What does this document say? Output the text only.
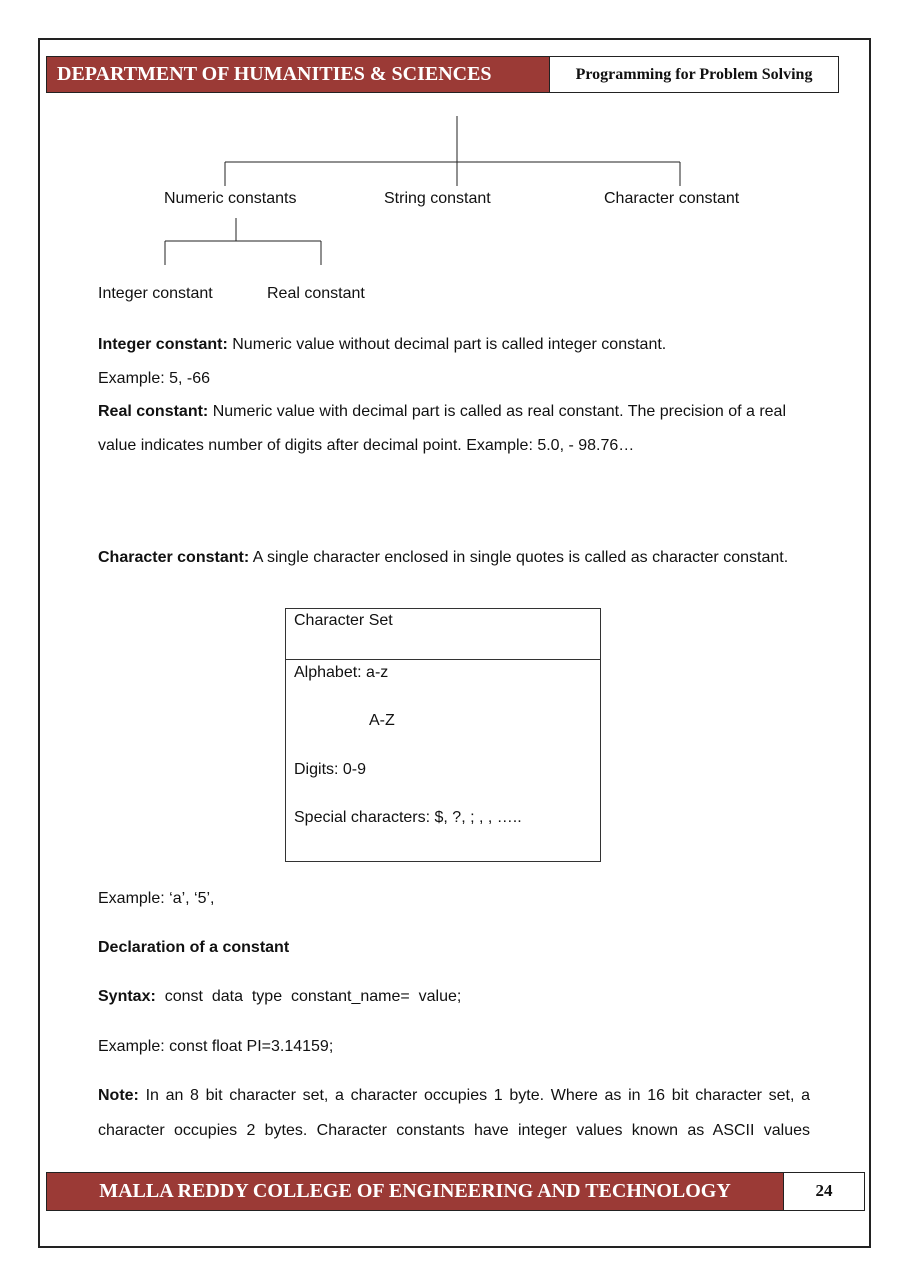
DEPARTMENT OF HUMANITIES & SCIENCES	Programming for Problem Solving
Numeric constants	String constant	Character constant
Integer constant	Real constant
Integer constant: Numeric value without decimal part is called integer constant.
Example: 5, -66
Real constant: Numeric value with decimal part is called as real constant. The precision of a real
value indicates number of digits after decimal point. Example: 5.0, - 98.76…
Character constant: A single character enclosed in single quotes is called as character constant.
Character Set
Alphabet: a-z
A-Z
Digits: 0-9
Special characters: $, ?, ; , , …..
Example: ‘a’, ‘5’,
Declaration of a constant
Syntax:  const  data  type  constant_name=  value;
Example: const float PI=3.14159;
Note: In an 8 bit character set, a character occupies 1 byte. Where as in 16 bit character set, a
character occupies 2 bytes. Character constants have integer values known as ASCII values
MALLA REDDY COLLEGE OF ENGINEERING AND TECHNOLOGY	24
